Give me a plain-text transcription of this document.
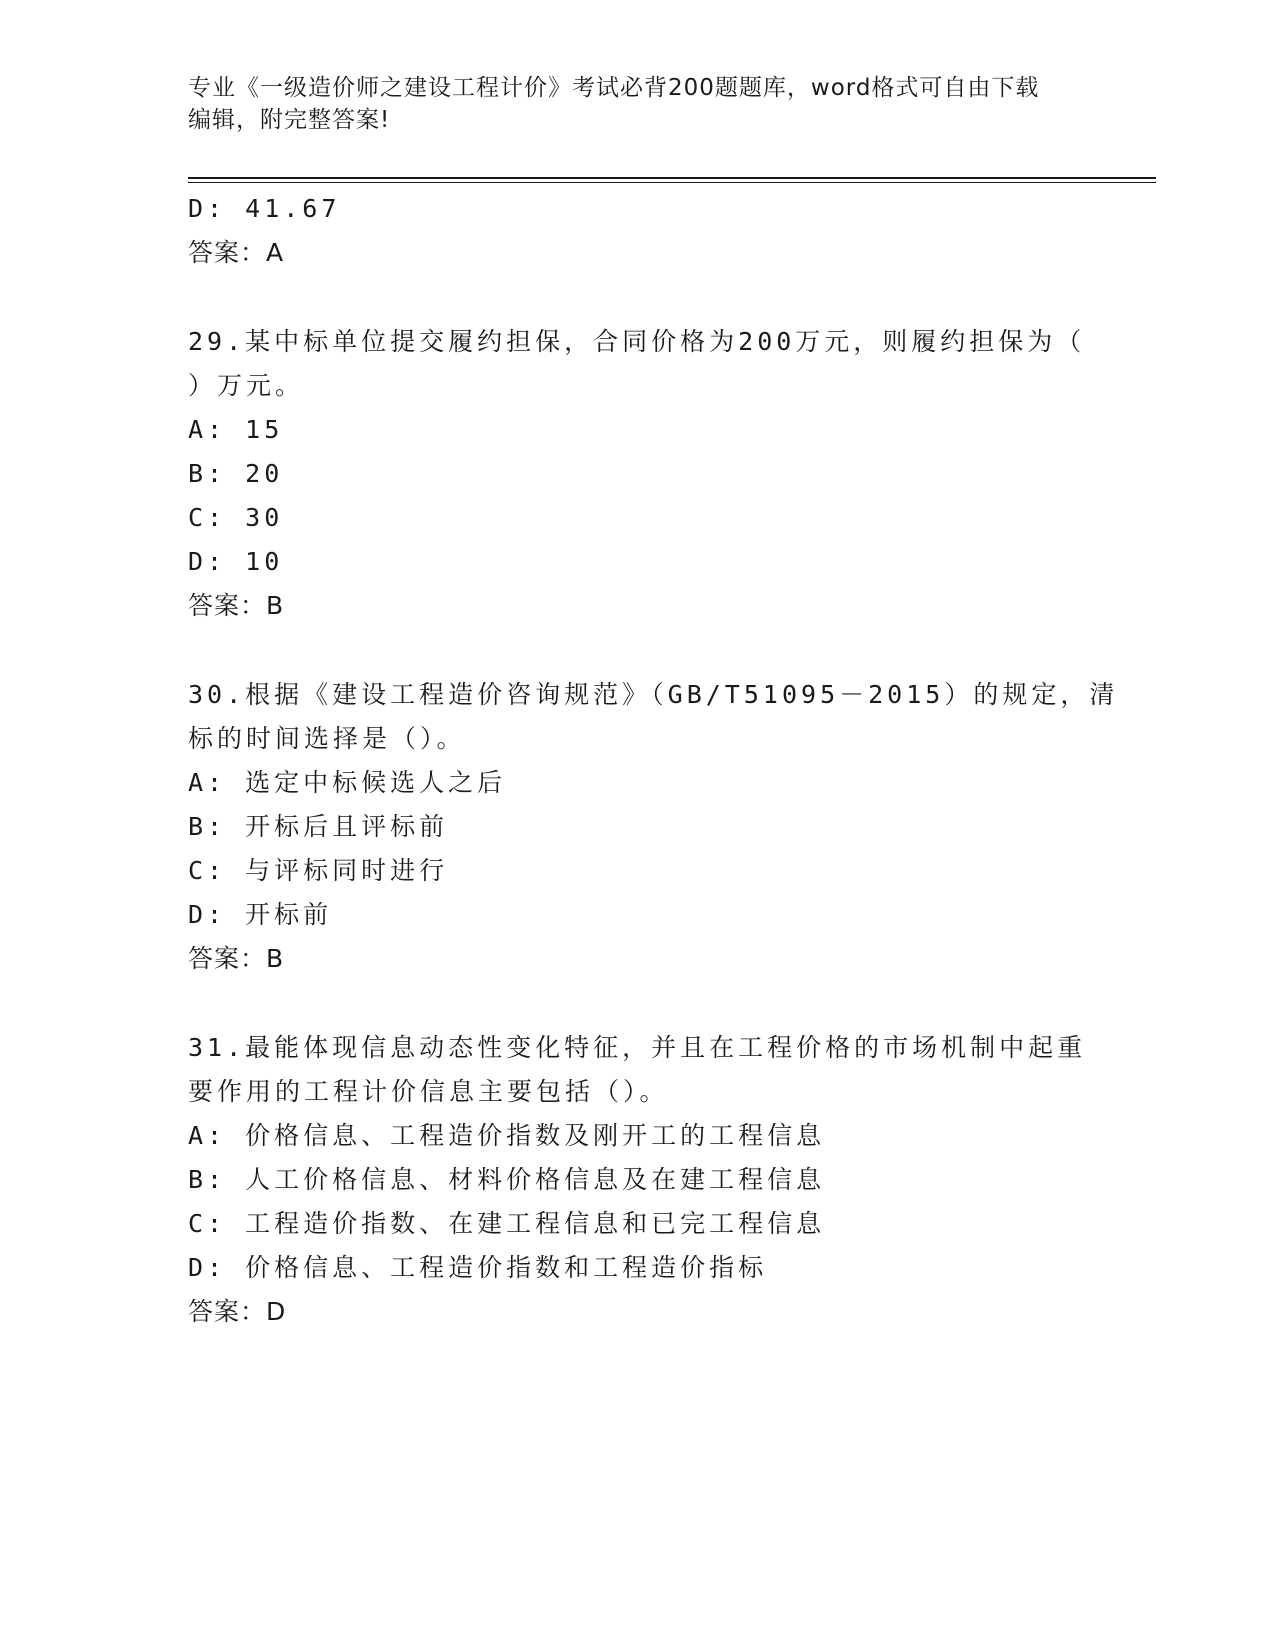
专业《一级造价师之建设工程计价》考试必背200题题库，word格式可自由下载
编辑，附完整答案!
D: 41.67
答案：A
29.某中标单位提交履约担保，合同价格为200万元，则履约担保为（
）万元。
A: 15
B: 20
C: 30
D: 10
答案：B
30.根据《建设工程造价咨询规范》（GB/T51095－2015）的规定，清
标的时间选择是（）。
A: 选定中标候选人之后
B: 开标后且评标前
C: 与评标同时进行
D: 开标前
答案：B
31.最能体现信息动态性变化特征，并且在工程价格的市场机制中起重
要作用的工程计价信息主要包括（）。
A: 价格信息、工程造价指数及刚开工的工程信息
B: 人工价格信息、材料价格信息及在建工程信息
C: 工程造价指数、在建工程信息和已完工程信息
D: 价格信息、工程造价指数和工程造价指标
答案：D
